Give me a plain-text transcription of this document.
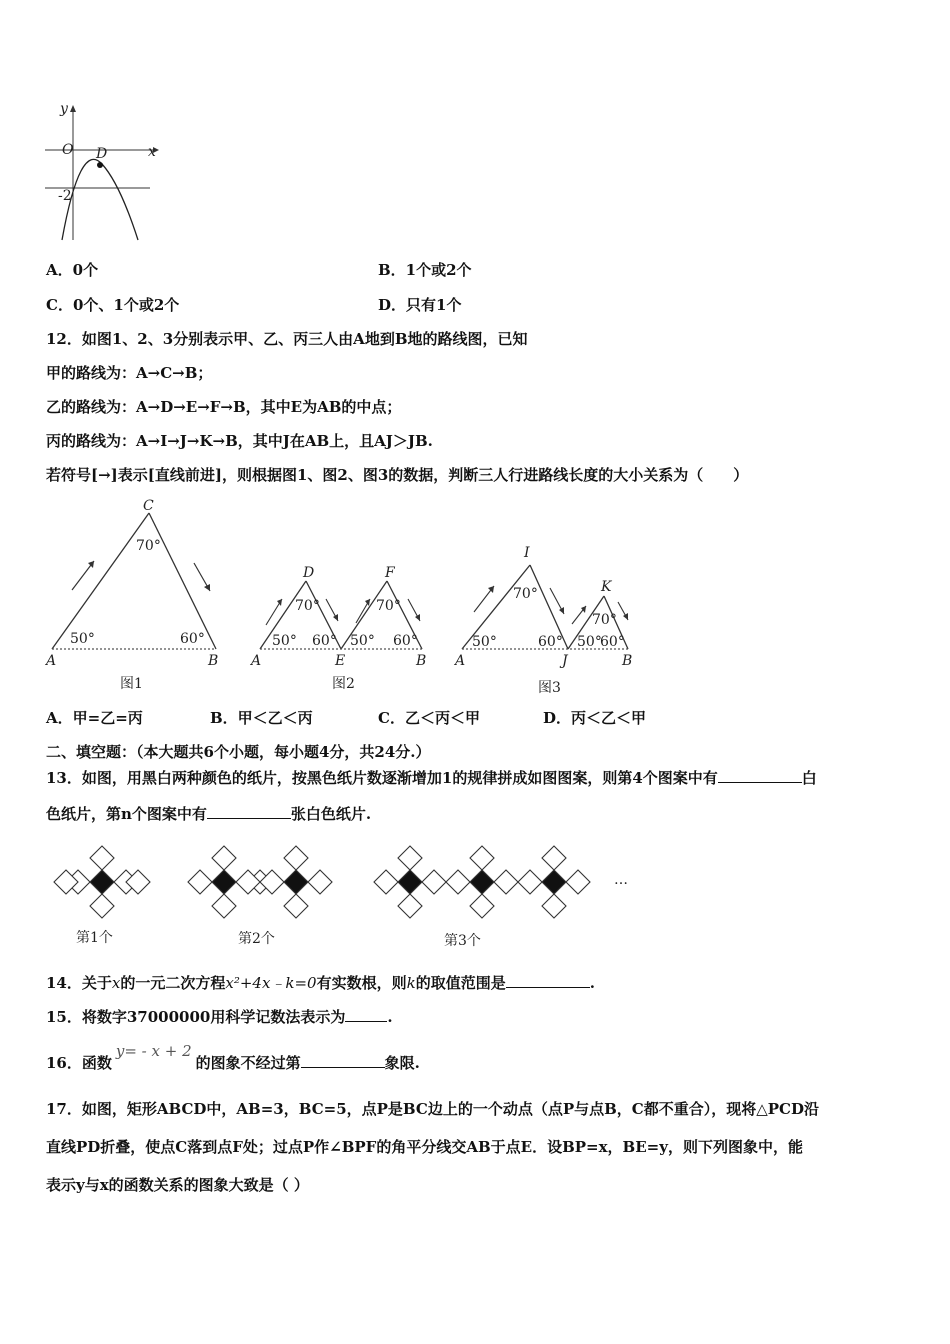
y
x
O D
-2
A．0个	B．1个或2个
C．0个、1个或2个	D．只有1个
12．如图1、2、3分别表示甲、乙、丙三人由A地到B地的路线图，已知
甲的路线为：A→C→B；
乙的路线为：A→D→E→F→B，其中E为AB的中点；
丙的路线为：A→I→J→K→B，其中J在AB上，且AJ＞JB.
若符号[→]表示[直线前进]，则根据图1、图2、图3的数据，判断三人行进路线长度的大小关系为（　　）
C
70°
50°	60°
A	B
图1
D	F
70°	70°
50° 60° 50° 60°
A	E	B
图2
I
K
70°
70°
50°	60° 50°
60°
A	J	B
图3
A．甲=乙=丙	B．甲＜乙＜丙	C．乙＜丙＜甲	D．丙＜乙＜甲
二、填空题：（本大题共6个小题，每小题4分，共24分.）
13．如图，用黑白两种颜色的纸片，按黑色纸片数逐渐增加1的规律拼成如图图案，则第4个图案中有	白
色纸片，第n个图案中有	张白色纸片.
…
第1个	第2个	第3个
14．关于x的一元二次方程x²+4x﹣k=0有实数根，则k的取值范围是	.
15．将数字37000000用科学记数法表示为	.
16．函数y= - x + 2的图象不经过第	象限.
17．如图，矩形ABCD中，AB=3，BC=5，点P是BC边上的一个动点（点P与点B，C都不重合），现将△PCD沿
直线PD折叠，使点C落到点F处；过点P作∠BPF的角平分线交AB于点E．设BP=x，BE=y，则下列图象中，能
表示y与x的函数关系的图象大致是（ ）
